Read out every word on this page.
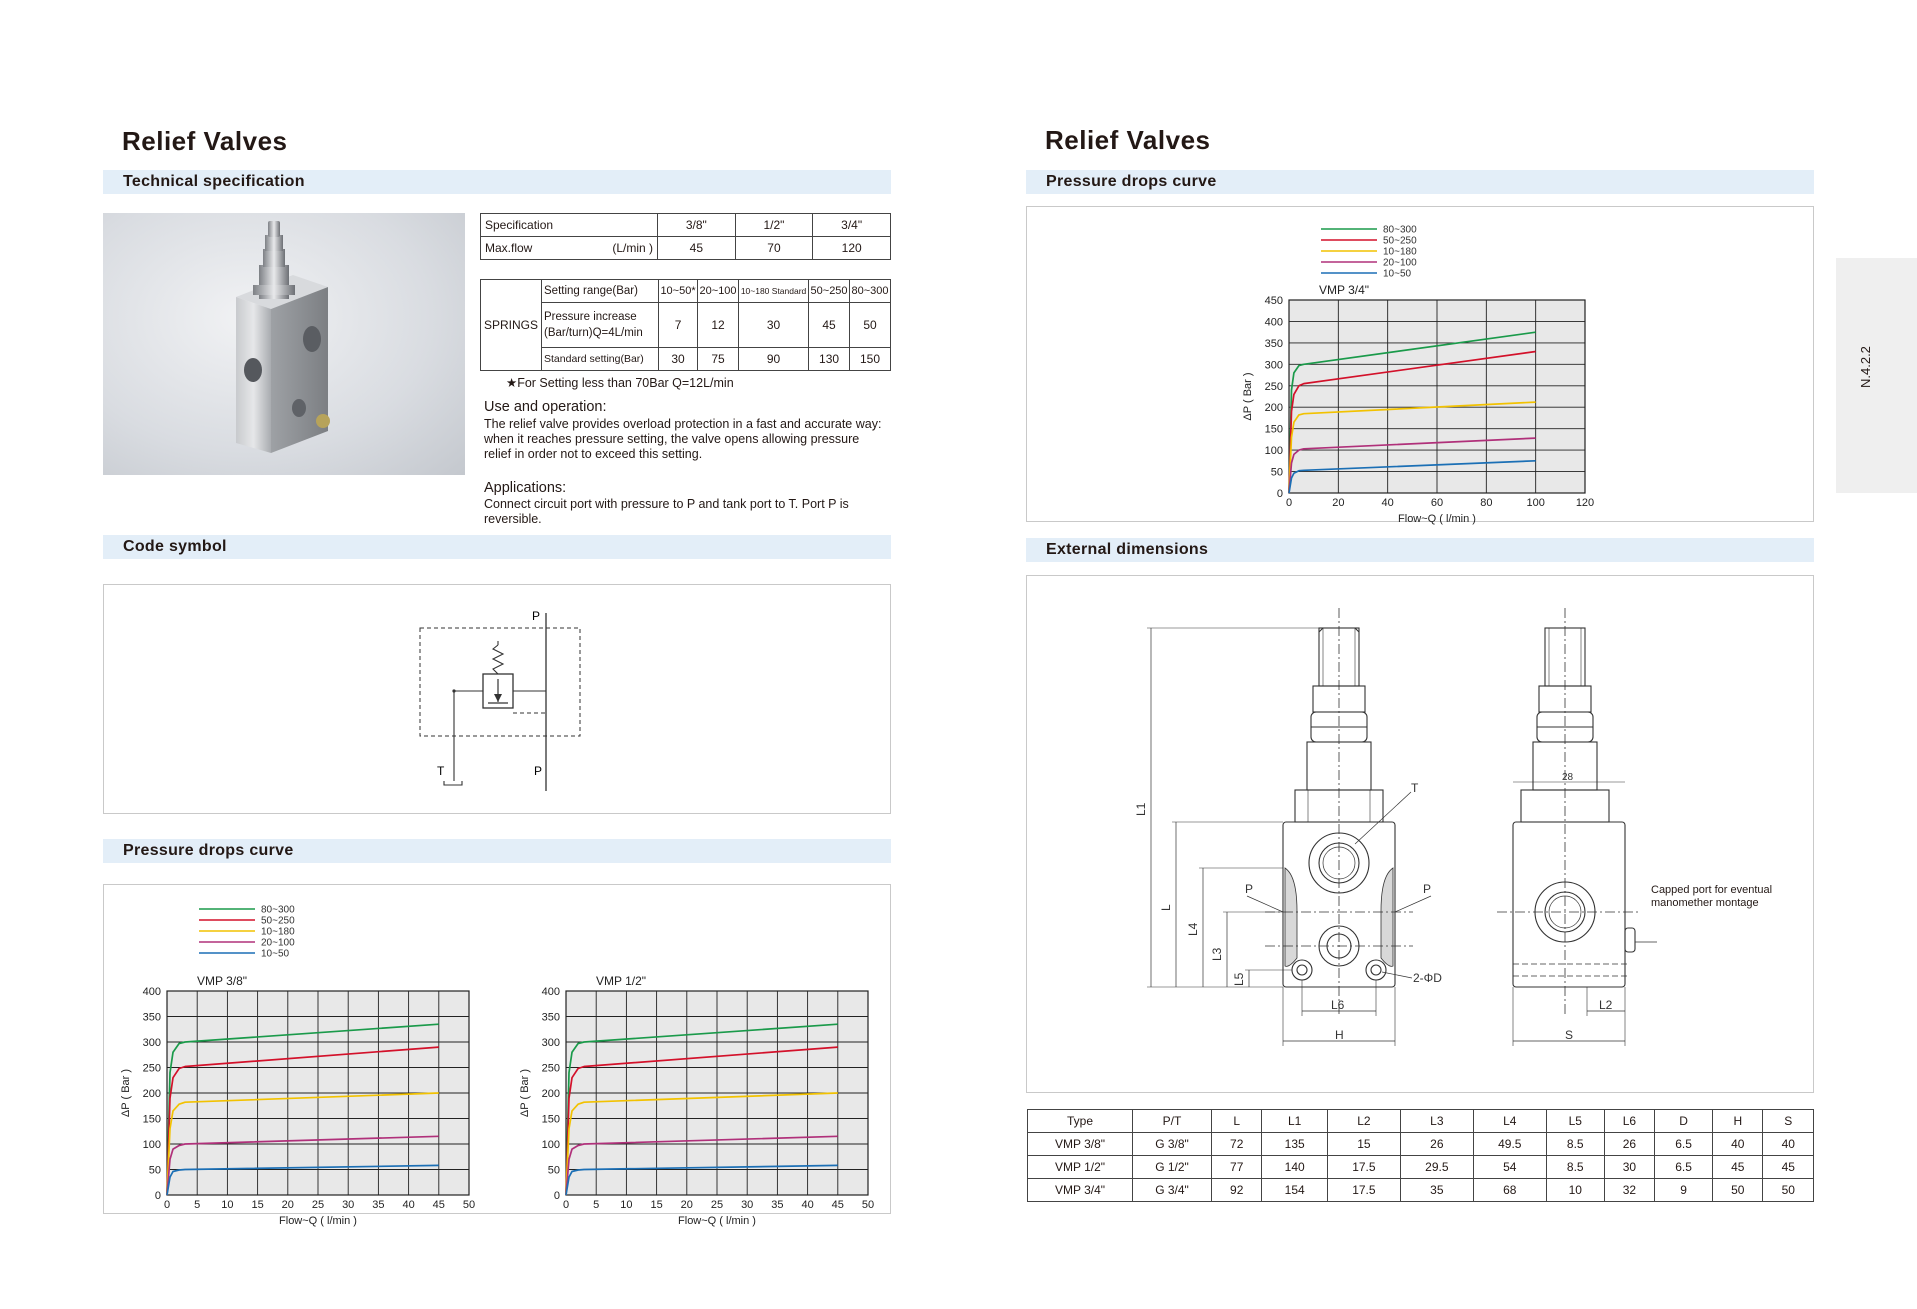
Relief Valves
Technical specification
Specification	3/8"	1/2"	3/4"
Max.flow (L/min )	45	70	120
SPRINGS	Setting range(Bar)	10~50*	20~100	10~180 Standard	50~250	80~300

	Pressure increase
(Bar/turn)Q=4L/min	7	12	30	45	50
	Standard setting(Bar)	30	75	90	130	150
★For Setting less than 70Bar Q=12L/min
Use and operation:
The relief valve provides overload protection in a fast and accurate way: when it reaches pressure setting, the valve opens allowing pressure relief in order not to exceed this setting.
Applications:
Connect circuit port with pressure to P and tank port to T. Port P is reversible.
Code symbol
P
T	P
Pressure drops curve
80~300
50~250
10~180
20~100
10~50
0 5 10 15 20 25 30 35 40 45 50
0
50
100
150
200
250
300
350
400
VMP 3/8"
Flow~Q ( l/min )
ΔP ( Bar )
0 5 10 15 20 25 30 35 40 45 50
0
50
100
150
200
250
300
350
400
VMP 1/2"
Flow~Q ( l/min )
ΔP ( Bar )
Relief Valves
Pressure drops curve
80~300
50~250
10~180
20~100
10~50
0	20	40	60	80	100	120
0
50
100
150
200
250
300
350
400
450
VMP 3/4"
Flow~Q ( l/min )
ΔP ( Bar )
External dimensions
L1
L
L4
L3
L5
L6
H
T
P	P
2-ΦD
28
L2
S
Capped port for eventual manomether montage
Type	P/T	L	L1	L2	L3	L4	L5	L6	D	H	S
VMP 3/8"	G 3/8"	72	135	15	26	49.5	8.5	26	6.5	40	40
VMP 1/2"	G 1/2"	77	140	17.5	29.5	54	8.5	30	6.5	45	45
VMP 3/4"	G 3/4"	92	154	17.5	35	68	10	32	9	50	50
N.4.2.2
